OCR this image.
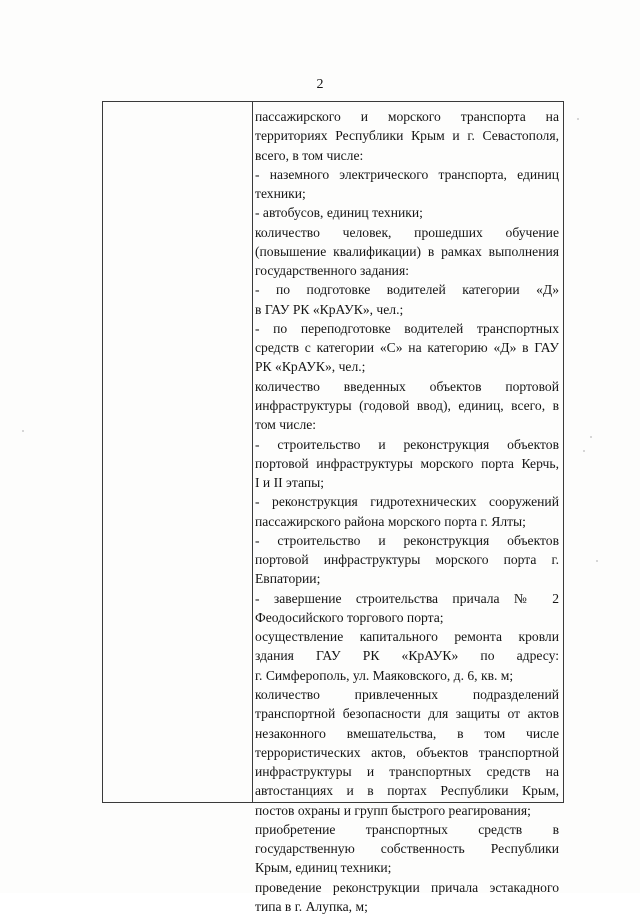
2
пассажирского и морского транспорта на
территориях Республики Крым и г. Севастополя,
всего, в том числе:
- наземного электрического транспорта, единиц
техники;
- автобусов, единиц техники;
количество человек, прошедших обучение
(повышение квалификации) в рамках выполнения
государственного задания:
- по подготовке водителей категории «Д»
в ГАУ РК «КрАУК», чел.;
- по переподготовке водителей транспортных
средств с категории «С» на категорию «Д» в ГАУ
РК «КрАУК», чел.;
количество введенных объектов портовой
инфраструктуры (годовой ввод), единиц, всего, в
том числе:
- строительство и реконструкция объектов
портовой инфраструктуры морского порта Керчь,
I и II этапы;
- реконструкция гидротехнических сооружений
пассажирского района морского порта г. Ялты;
- строительство и реконструкция объектов
портовой инфраструктуры морского порта г.
Евпатории;
- завершение строительства причала № 2
Феодосийского торгового порта;
осуществление капитального ремонта кровли
здания ГАУ РК «КрАУК» по адресу:
г. Симферополь, ул. Маяковского, д. 6, кв. м;
количество привлеченных подразделений
транспортной безопасности для защиты от актов
незаконного вмешательства, в том числе
террористических актов, объектов транспортной
инфраструктуры и транспортных средств на
автостанциях и в портах Республики Крым,
постов охраны и групп быстрого реагирования;
приобретение транспортных средств в
государственную собственность Республики
Крым, единиц техники;
проведение реконструкции причала эстакадного
типа в г. Алупка, м;
